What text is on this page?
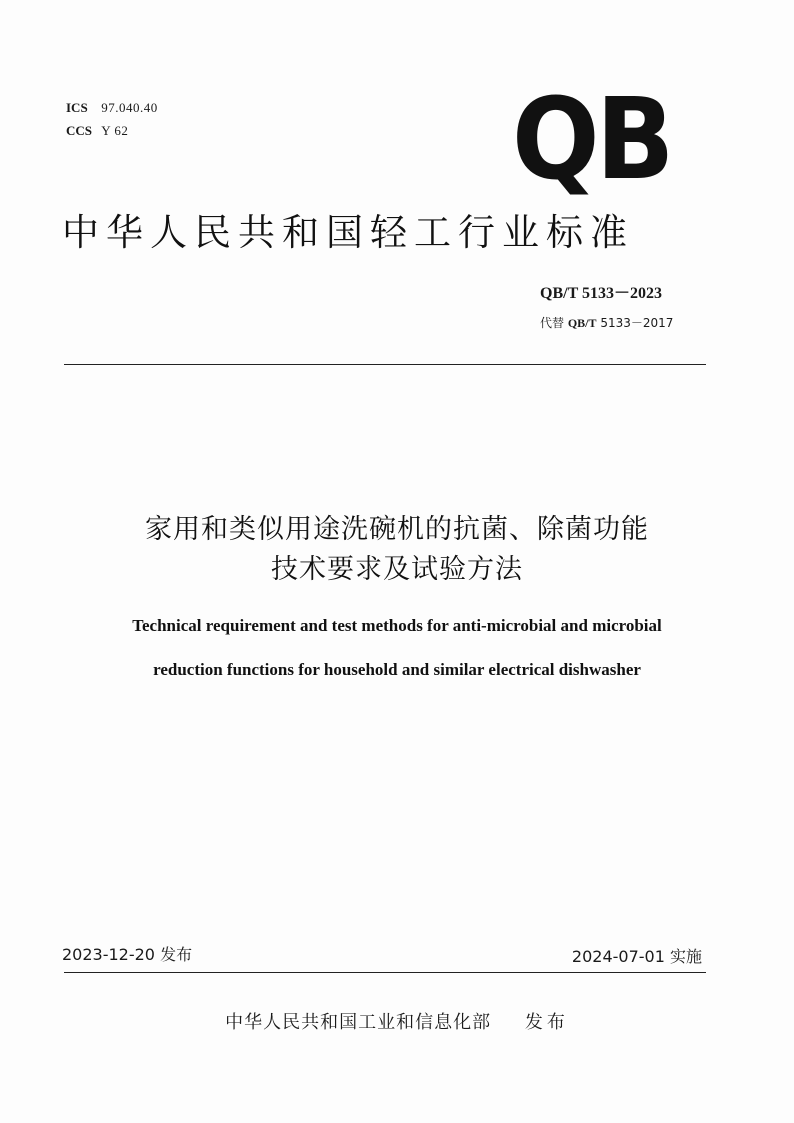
ICS 97.040.40
CCS Y 62	QB
中华人民共和国轻工行业标准
QB/T 5133－2023
代替 QB/T 5133－2017
家用和类似用途洗碗机的抗菌、除菌功能
技术要求及试验方法
Technical requirement and test methods for anti-microbial and microbial
reduction functions for household and similar electrical dishwasher
2023-12-20 发布	2024-07-01 实施
中华人民共和国工业和信息化部 发布
